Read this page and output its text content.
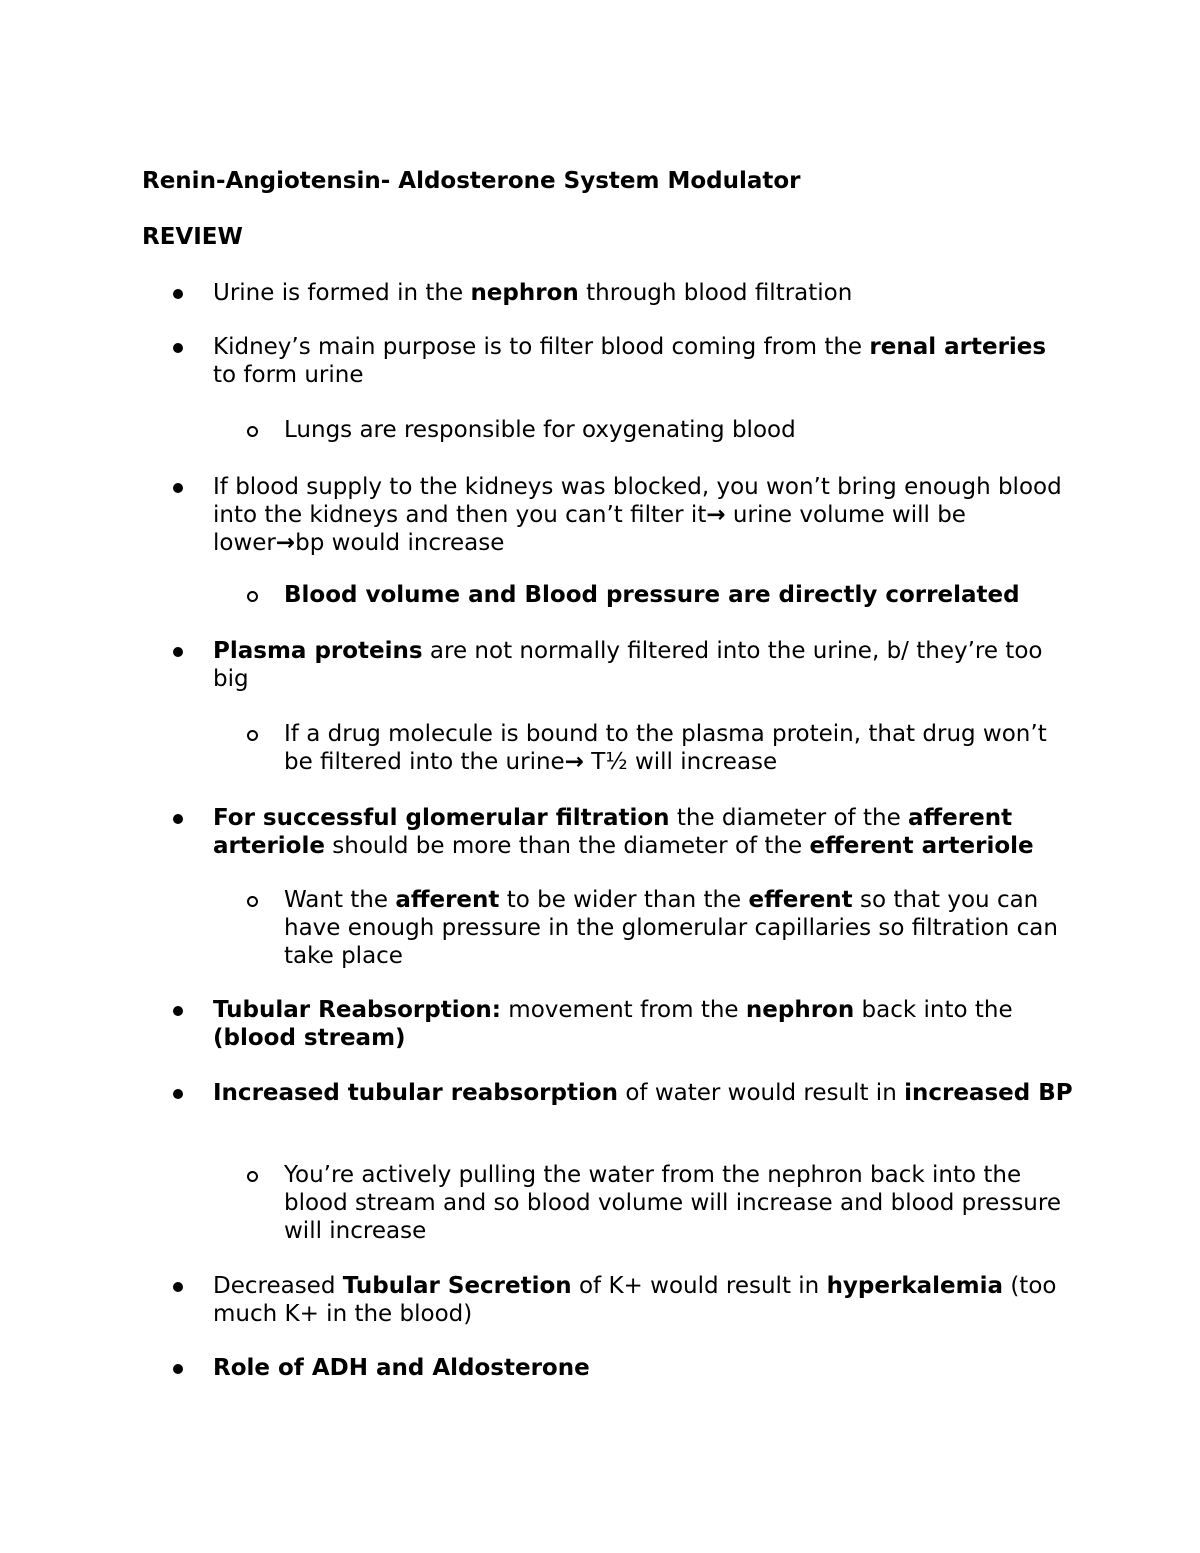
Renin-Angiotensin- Aldosterone System Modulator
REVIEW
Urine is formed in the nephron through blood filtration
Kidney’s main purpose is to filter blood coming from the renal arteries to form urine
Lungs are responsible for oxygenating blood
If blood supply to the kidneys was blocked, you won’t bring enough blood into the kidneys and then you can’t filter it→ urine volume will be lower→bp would increase
Blood volume and Blood pressure are directly correlated
Plasma proteins are not normally filtered into the urine, b/ they’re too big
If a drug molecule is bound to the plasma protein, that drug won’t be filtered into the urine→ T½ will increase
For successful glomerular filtration the diameter of the afferent arteriole should be more than the diameter of the efferent arteriole
Want the afferent to be wider than the efferent so that you can have enough pressure in the glomerular capillaries so filtration can take place
Tubular Reabsorption: movement from the nephron back into the (blood stream)
Increased tubular reabsorption of water would result in increased BP
You’re actively pulling the water from the nephron back into the blood stream and so blood volume will increase and blood pressure will increase
Decreased Tubular Secretion of K+ would result in hyperkalemia (too much K+ in the blood)
Role of ADH and Aldosterone
